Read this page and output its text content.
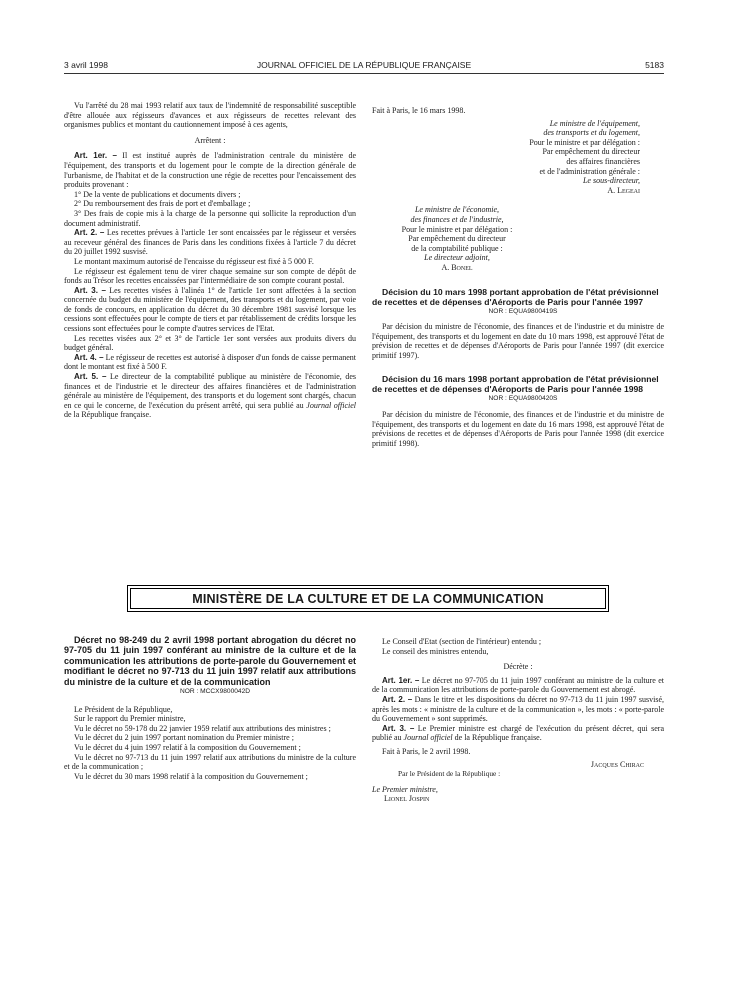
3 avril 1998	JOURNAL OFFICIEL DE LA RÉPUBLIQUE FRANÇAISE	5183

Vu l'arrêté du 28 mai 1993 relatif aux taux de l'indemnité de responsabilité susceptible d'être allouée aux régisseurs d'avances et aux régisseurs de recettes relevant des organismes publics et montant du cautionnement imposé à ces agents,

Arrêtent :

Art. 1er. – Il est institué auprès de l'administration centrale du ministère de l'équipement, des transports et du logement pour le compte de la direction générale de l'urbanisme, de l'habitat et de la construction une régie de recettes pour l'encaissement des produits provenant :

1° De la vente de publications et documents divers ;

2° Du remboursement des frais de port et d'emballage ;

3° Des frais de copie mis à la charge de la personne qui sollicite la reproduction d'un document administratif.

Art. 2. – Les recettes prévues à l'article 1er sont encaissées par le régisseur et versées au receveur général des finances de Paris dans les conditions fixées à l'article 7 du décret du 20 juillet 1992 susvisé.

Le montant maximum autorisé de l'encaisse du régisseur est fixé à 5 000 F.

Le régisseur est également tenu de virer chaque semaine sur son compte de dépôt de fonds au Trésor les recettes encaissées par l'intermédiaire de son compte courant postal.

Art. 3. – Les recettes visées à l'alinéa 1° de l'article 1er sont affectées à la section concernée du budget du ministère de l'équipement, des transports et du logement, par voie de fonds de concours, en application du décret du 30 décembre 1981 susvisé lorsque les cessions sont effectuées pour le compte de tiers et par rétablissement de crédits lorsque les cessions sont effectuées pour le compte d'autres services de l'Etat.

Les recettes visées aux 2° et 3° de l'article 1er sont versées aux produits divers du budget général.

Art. 4. – Le régisseur de recettes est autorisé à disposer d'un fonds de caisse permanent dont le montant est fixé à 500 F.

Art. 5. – Le directeur de la comptabilité publique au ministère de l'économie, des finances et de l'industrie et le directeur des affaires financières et de l'administration générale au ministère de l'équipement, des transports et du logement sont chargés, chacun en ce qui le concerne, de l'exécution du présent arrêté, qui sera publié au Journal officiel de la République française.

Fait à Paris, le 16 mars 1998.

Le ministre de l'équipement,
des transports et du logement,
Pour le ministre et par délégation :
Par empêchement du directeur
des affaires financières
et de l'administration générale :
Le sous-directeur,
A. Legeai
Le ministre de l'économie,
des finances et de l'industrie,
Pour le ministre et par délégation :
Par empêchement du directeur
de la comptabilité publique :
Le directeur adjoint,
A. Bonel

Décision du 10 mars 1998 portant approbation de l'état prévisionnel de recettes et de dépenses d'Aéroports de Paris pour l'année 1997

NOR : EQUA9800419S

Par décision du ministre de l'économie, des finances et de l'industrie et du ministre de l'équipement, des transports et du logement en date du 10 mars 1998, est approuvé l'état de prévision de recettes et de dépenses d'Aéroports de Paris pour l'année 1997 (dit exercice primitif 1997).

Décision du 16 mars 1998 portant approbation de l'état prévisionnel de recettes et de dépenses d'Aéroports de Paris pour l'année 1998

NOR : EQUA9800420S

Par décision du ministre de l'économie, des finances et de l'industrie et du ministre de l'équipement, des transports et du logement en date du 16 mars 1998, est approuvé l'état de prévisions de recettes et de dépenses d'Aéroports de Paris pour l'année 1998 (dit exercice primitif 1998).

MINISTÈRE DE LA CULTURE ET DE LA COMMUNICATION

Décret no 98-249 du 2 avril 1998 portant abrogation du décret no 97-705 du 11 juin 1997 conférant au ministre de la culture et de la communication les attributions de porte-parole du Gouvernement et modifiant le décret no 97-713 du 11 juin 1997 relatif aux attributions du ministre de la culture et de la communication

NOR : MCCX9800042D

Le Président de la République,

Sur le rapport du Premier ministre,

Vu le décret no 59-178 du 22 janvier 1959 relatif aux attributions des ministres ;

Vu le décret du 2 juin 1997 portant nomination du Premier ministre ;

Vu le décret du 4 juin 1997 relatif à la composition du Gouvernement ;

Vu le décret no 97-713 du 11 juin 1997 relatif aux attributions du ministre de la culture et de la communication ;

Vu le décret du 30 mars 1998 relatif à la composition du Gouvernement ;

Le Conseil d'Etat (section de l'intérieur) entendu ;

Le conseil des ministres entendu,

Décrète :

Art. 1er. – Le décret no 97-705 du 11 juin 1997 conférant au ministre de la culture et de la communication les attributions de porte-parole du Gouvernement est abrogé.

Art. 2. – Dans le titre et les dispositions du décret no 97-713 du 11 juin 1997 susvisé, après les mots : « ministre de la culture et de la communication », les mots : « porte-parole du Gouvernement » sont supprimés.

Art. 3. – Le Premier ministre est chargé de l'exécution du présent décret, qui sera publié au Journal officiel de la République française.

Fait à Paris, le 2 avril 1998.

Jacques Chirac

Par le Président de la République :

Le Premier ministre,

Lionel Jospin
